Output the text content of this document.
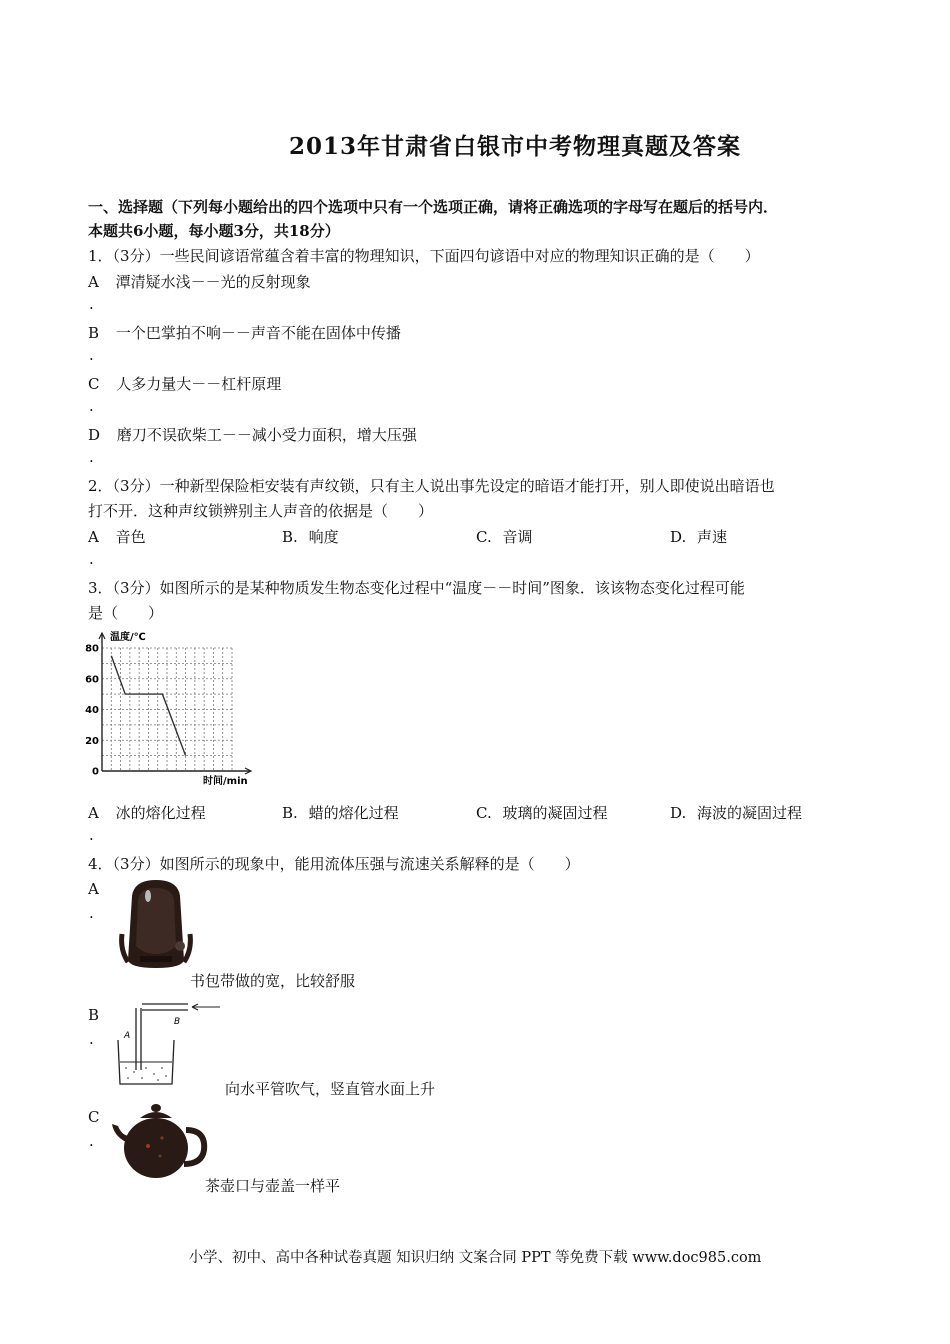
2013年甘肃省白银市中考物理真题及答案
一、选择题（下列每小题给出的四个选项中只有一个选项正确，请将正确选项的字母写在题后的括号内．
本题共6小题，每小题3分，共18分）
1．（3分）一些民间谚语常蕴含着丰富的物理知识，下面四句谚语中对应的物理知识正确的是（　　）
A 潭清疑水浅－－光的反射现象
.
B 一个巴掌拍不响－－声音不能在固体中传播
.
C 人多力量大－－杠杆原理
.
D 磨刀不误砍柴工－－减小受力面积，增大压强
.
2．（3分）一种新型保险柜安装有声纹锁，只有主人说出事先设定的暗语才能打开，别人即使说出暗语也
打不开．这种声纹锁辨别主人声音的依据是（　　）
A 音色	B. 响度	C. 音调	D. 声速
.
3．（3分）如图所示的是某种物质发生物态变化过程中“温度－－时间”图象．该该物态变化过程可能
是（　　）
0
20
40
60
80
温度/℃
时间/min
A 冰的熔化过程	B. 蜡的熔化过程	C. 玻璃的凝固过程	D. 海波的凝固过程
.
4．（3分）如图所示的现象中，能用流体压强与流速关系解释的是（　　）
A
.
书包带做的宽，比较舒服
B
.	A
B
向水平管吹气，竖直管水面上升
C
.
茶壶口与壶盖一样平
小学、初中、高中各种试卷真题 知识归纳 文案合同 PPT 等免费下载 www.doc985.com
